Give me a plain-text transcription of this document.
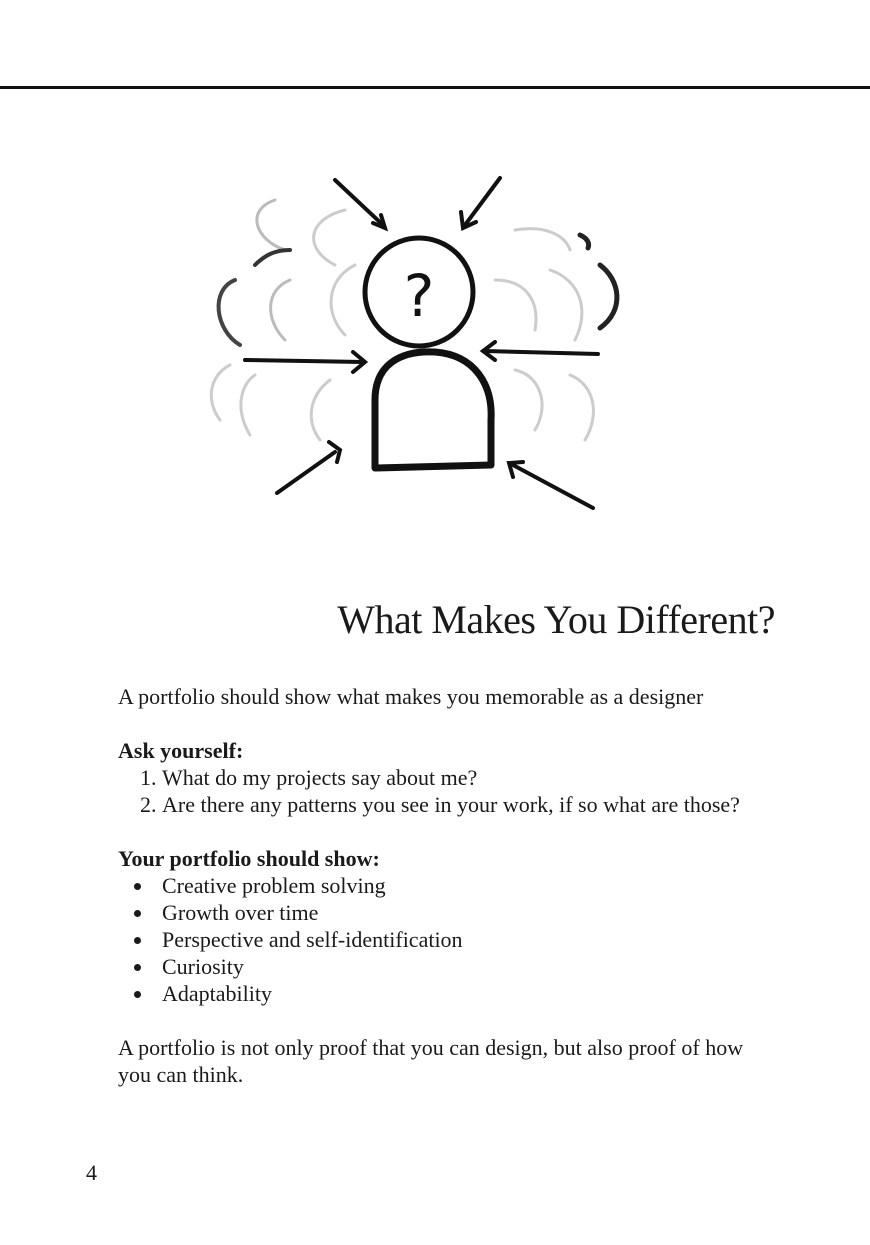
?
What Makes You Different?

A portfolio should show what makes you memorable as a designer

Ask yourself:

1. What do my projects say about me?
2. Are there any patterns you see in your work, if so what are those?

Your portfolio should show:

Creative problem solving
Growth over time
Perspective and self-identification
Curiosity
Adaptability

A portfolio is not only proof that you can design, but also proof of how you can think.

4
